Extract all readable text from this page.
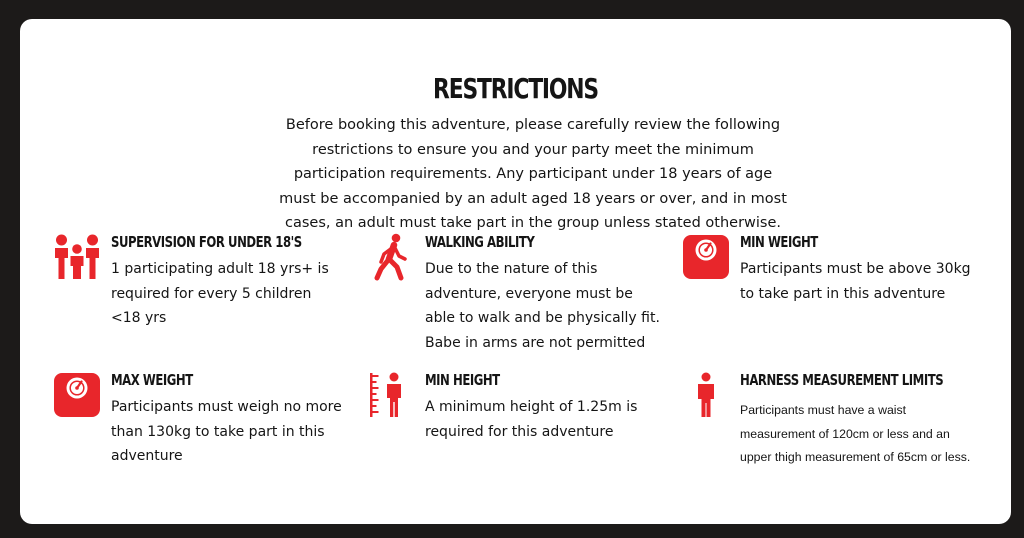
RESTRICTIONS
Before booking this adventure, please carefully review the following restrictions to ensure you and your party meet the minimum participation requirements. Any participant under 18 years of age must be accompanied by an adult aged 18 years or over, and in most cases, an adult must take part in the group unless stated otherwise.
SUPERVISION FOR UNDER 18'S
1 participating adult 18 yrs+ is required for every 5 children <18 yrs
WALKING ABILITY
Due to the nature of this adventure, everyone must be able to walk and be physically fit. Babe in arms are not permitted
MIN WEIGHT
Participants must be above 30kg to take part in this adventure
MAX WEIGHT
Participants must weigh no more than 130kg to take part in this adventure
MIN HEIGHT
A minimum height of 1.25m is required for this adventure
HARNESS MEASUREMENT LIMITS
Participants must have a waist measurement of 120cm or less and an upper thigh measurement of 65cm or less.
